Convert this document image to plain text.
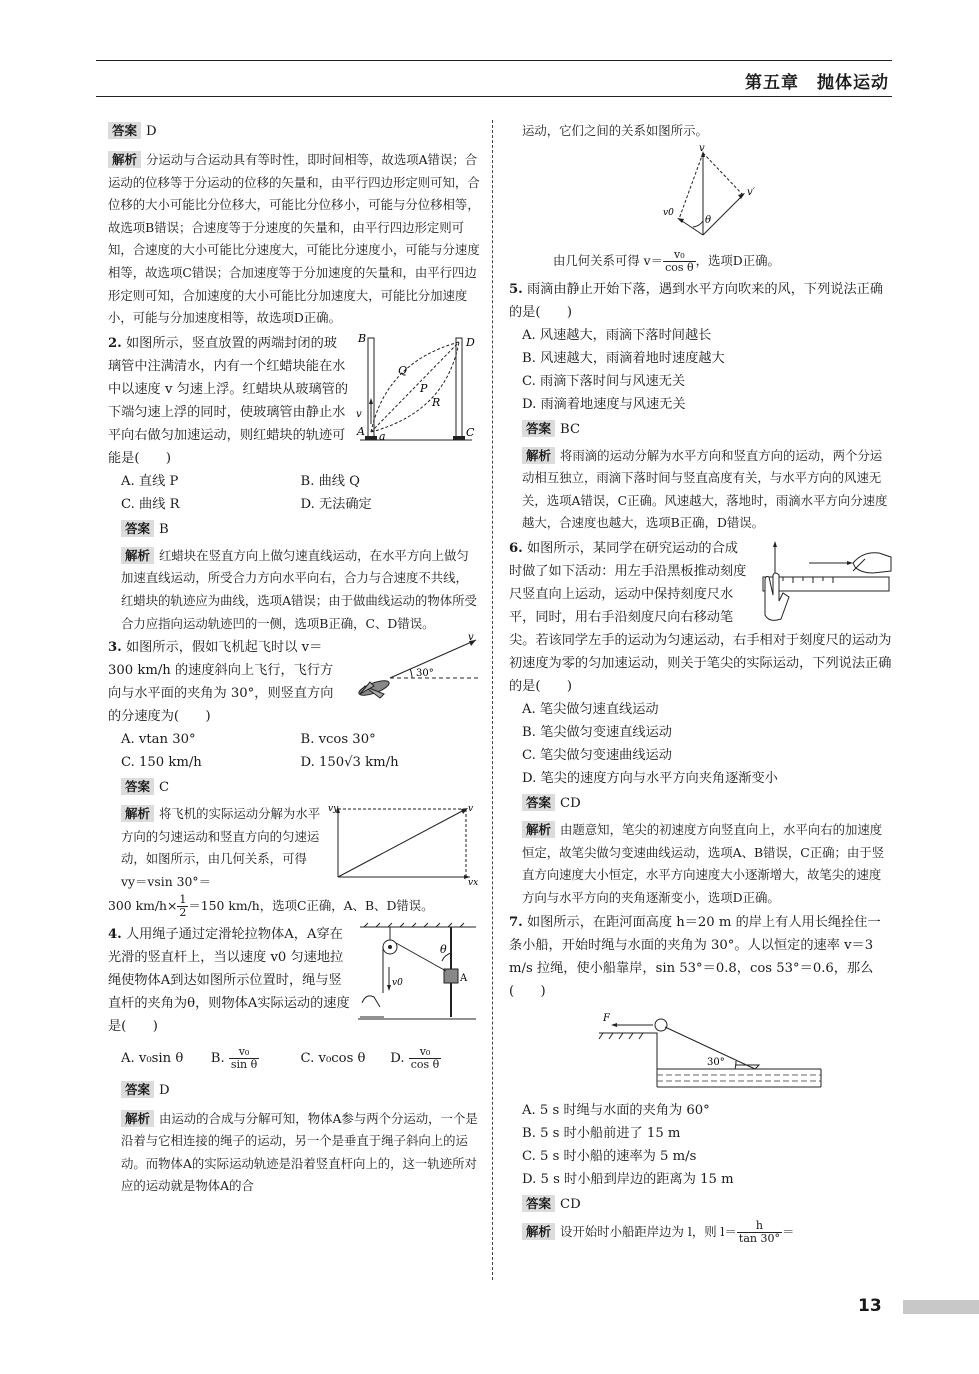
第五章　抛体运动

答案 D

解析 分运动与合运动具有等时性，即时间相等，故选项A错误；合运动的位移等于分运动的位移的矢量和，由平行四边形定则可知，合位移的大小可能比分位移大，可能比分位移小，可能与分位移相等，故选项B错误；合速度等于分速度的矢量和，由平行四边形定则可知，合速度的大小可能比分速度大，可能比分速度小，可能与分速度相等，故选项C错误；合加速度等于分加速度的矢量和，由平行四边形定则可知，合加速度的大小可能比分加速度大，可能比分加速度小，可能与分加速度相等，故选项D正确。

B	D
A a	C
Q
P
R
v

2. 如图所示，竖直放置的两端封闭的玻璃管中注满清水，内有一个红蜡块能在水中以速度 v 匀速上浮。红蜡块从玻璃管的下端匀速上浮的同时，使玻璃管由静止水平向右做匀加速运动，则红蜡块的轨迹可能是(　　)

A. 直线 P	B. 曲线 Q
C. 曲线 R	D. 无法确定

答案 B

解析 红蜡块在竖直方向上做匀速直线运动，在水平方向上做匀加速直线运动，所受合力方向水平向右，合力与合速度不共线，红蜡块的轨迹应为曲线，选项A错误；由于做曲线运动的物体所受合力应指向运动轨迹凹的一侧，选项B正确，C、D错误。

v
30°

3. 如图所示，假如飞机起飞时以 v＝300 km/h 的速度斜向上飞行，飞行方向与水平面的夹角为 30°，则竖直方向的分速度为(　　)

A. vtan 30°	B. vcos 30°
C. 150 km/h	D. 150√3 km/h

答案 C

vy	v
vx

解析 将飞机的实际运动分解为水平方向的匀速运动和竖直方向的匀速运动，如图所示，由几何关系，可得 vy＝vsin 30°＝

300 $km/h\times \frac{1}{2} =150$ km/h，选项C正确，A、B、D错误。

θ
A
v0

4. 人用绳子通过定滑轮拉物体A，A穿在光滑的竖直杆上，当以速度 v0 匀速地拉绳使物体A到达如图所示位置时，绳与竖直杆的夹角为θ，则物体A实际运动的速度是(　　)

A. v₀sin θ	B. $\frac{\text{v₀}}{\text{sin θ}}$	C. v₀cos θ	D. $\frac{\text{v₀}}{\text{cos θ}}$

答案 D

解析 由运动的合成与分解可知，物体A参与两个分运动，一个是沿着与它相连接的绳子的运动，另一个是垂直于绳子斜向上的运动。而物体A的实际运动轨迹是沿着竖直杆向上的，这一轨迹所对应的运动就是物体A的合

运动，它们之间的关系如图所示。

v
v′
v0
θ

由几何关系可得 $v= \frac{\text{v₀}}{\text{cos θ}}$ ，选项D正确。

5. 雨滴由静止开始下落，遇到水平方向吹来的风，下列说法正确的是(　　)

A. 风速越大，雨滴下落时间越长

B. 风速越大，雨滴着地时速度越大

C. 雨滴下落时间与风速无关

D. 雨滴着地速度与风速无关

答案 BC

解析 将雨滴的运动分解为水平方向和竖直方向的运动，两个分运动相互独立，雨滴下落时间与竖直高度有关，与水平方向的风速无关，选项A错误，C正确。风速越大，落地时，雨滴水平方向分速度越大，合速度也越大，选项B正确，D错误。

6. 如图所示，某同学在研究运动的合成时做了如下活动：用左手沿黑板推动刻度尺竖直向上运动，运动中保持刻度尺水平，同时，用右手沿刻度尺向右移动笔尖。若该同学左手的运动为匀速运动，右手相对于刻度尺的运动为初速度为零的匀加速运动，则关于笔尖的实际运动，下列说法正确的是(　　)

A. 笔尖做匀速直线运动

B. 笔尖做匀变速直线运动

C. 笔尖做匀变速曲线运动

D. 笔尖的速度方向与水平方向夹角逐渐变小

答案 CD

解析 由题意知，笔尖的初速度方向竖直向上，水平向右的加速度恒定，故笔尖做匀变速曲线运动，选项A、B错误，C正确；由于竖直方向速度大小恒定，水平方向速度大小逐渐增大，故笔尖的速度方向与水平方向的夹角逐渐变小，选项D正确。

7. 如图所示，在距河面高度 h＝20 m 的岸上有人用长绳拴住一条小船，开始时绳与水面的夹角为 30°。人以恒定的速率 v＝3 m/s 拉绳，使小船靠岸，sin 53°＝0.8，cos 53°＝0.6，那么(　　)

F
30°

A. 5 s 时绳与水面的夹角为 60°

B. 5 s 时小船前进了 15 m

C. 5 s 时小船的速率为 5 m/s

D. 5 s 时小船到岸边的距离为 15 m

答案 CD

解析 设开始时小船距岸边为 l，则 $l= \frac{h}{\tan 30^\circ}$ ＝

13
